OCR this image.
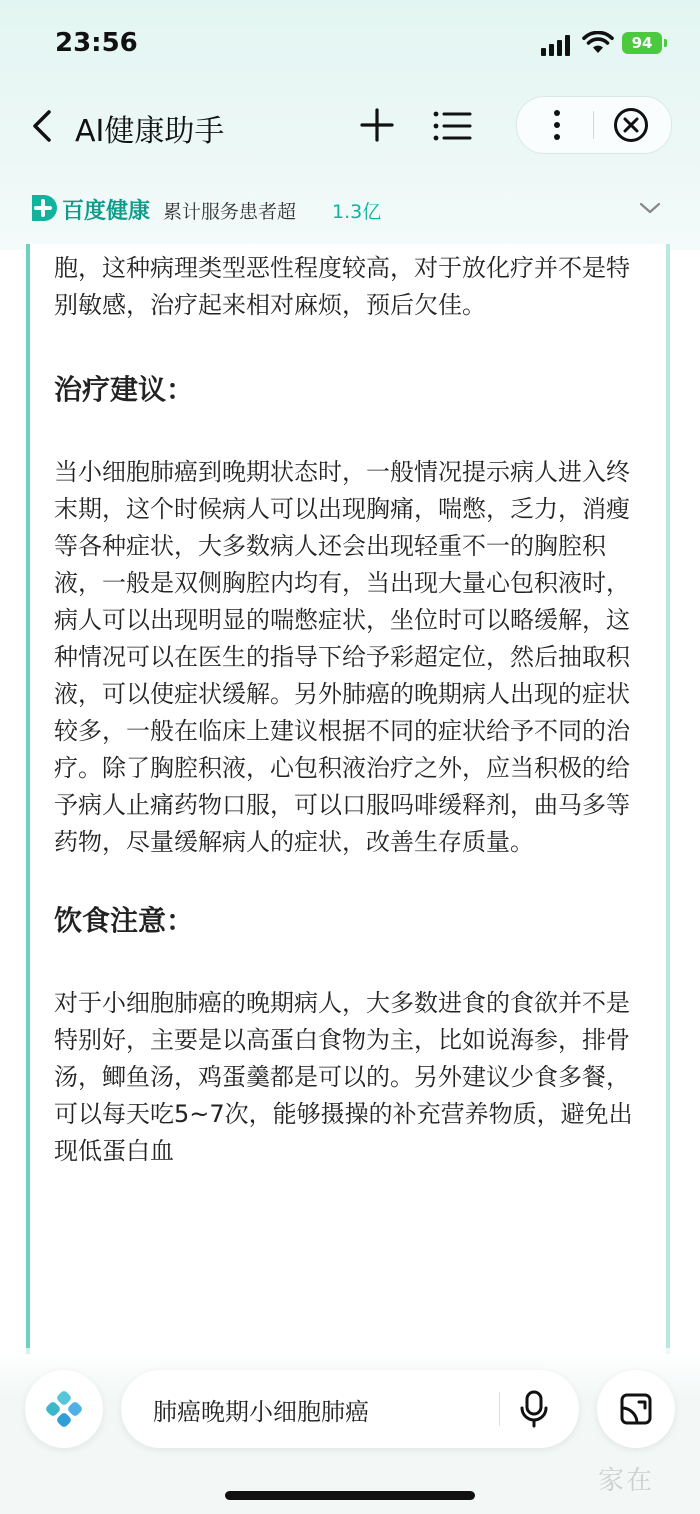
23:56	94
AI健康助手
百度健康 累计服务患者超 1.3亿

胞，这种病理类型恶性程度较高，对于放化疗并不是特别敏感，治疗起来相对麻烦，预后欠佳。

治疗建议：

当小细胞肺癌到晚期状态时，一般情况提示病人进入终末期，这个时候病人可以出现胸痛，喘憋，乏力，消瘦等各种症状，大多数病人还会出现轻重不一的胸腔积液，一般是双侧胸腔内均有，当出现大量心包积液时，病人可以出现明显的喘憋症状，坐位时可以略缓解，这种情况可以在医生的指导下给予彩超定位，然后抽取积液，可以使症状缓解。另外肺癌的晚期病人出现的症状较多，一般在临床上建议根据不同的症状给予不同的治疗。除了胸腔积液，心包积液治疗之外，应当积极的给予病人止痛药物口服，可以口服吗啡缓释剂，曲马多等药物，尽量缓解病人的症状，改善生存质量。

饮食注意：

对于小细胞肺癌的晚期病人，大多数进食的食欲并不是特别好，主要是以高蛋白食物为主，比如说海参，排骨汤，鲫鱼汤，鸡蛋羹都是可以的。另外建议少食多餐，可以每天吃5~7次，能够摄操的补充营养物质，避免出现低蛋白血

肺癌晚期小细胞肺癌
家在
